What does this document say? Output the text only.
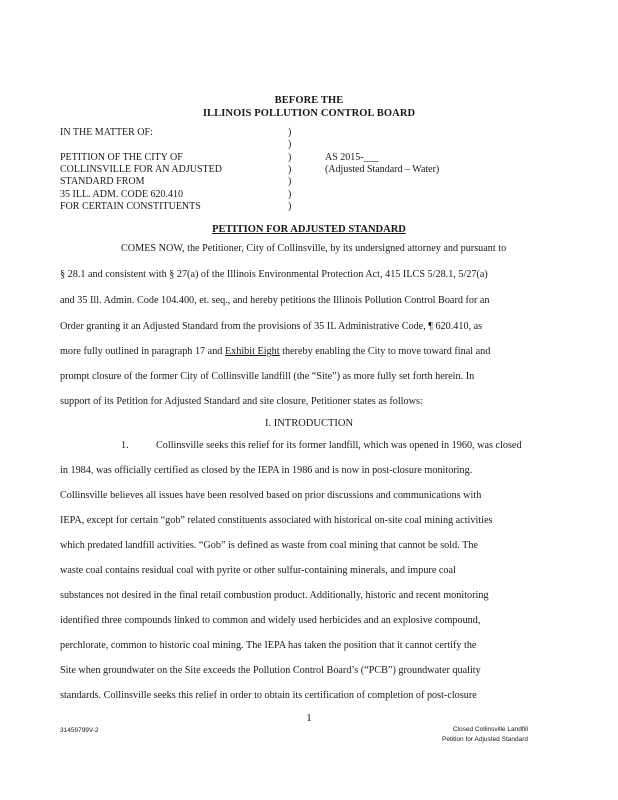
BEFORE THE
ILLINOIS POLLUTION CONTROL BOARD
IN THE MATTER OF:
PETITION OF THE CITY OF
COLLINSVILLE FOR AN ADJUSTED
STANDARD FROM
35 ILL. ADM. CODE 620.410
FOR CERTAIN CONSTITUENTS
)
)
)
)
)
)
)
AS 2015-___
(Adjusted Standard – Water)
PETITION FOR ADJUSTED STANDARD
COMES NOW, the Petitioner, City of Collinsville, by its undersigned attorney and pursuant to
§ 28.1 and consistent with § 27(a) of the Illinois Environmental Protection Act, 415 ILCS 5/28.1, 5/27(a)
and 35 Ill. Admin. Code 104.400, et. seq., and hereby petitions the Illinois Pollution Control Board for an
Order granting it an Adjusted Standard from the provisions of 35 IL Administrative Code, ¶ 620.410, as
more fully outlined in paragraph 17 and Exhibit Eight thereby enabling the City to move toward final and
prompt closure of the former City of Collinsville landfill (the “Site”) as more fully set forth herein. In
support of its Petition for Adjusted Standard and site closure, Petitioner states as follows:
I. INTRODUCTION
1.	Collinsville seeks this relief for its former landfill, which was opened in 1960, was closed
in 1984, was officially certified as closed by the IEPA in 1986 and is now in post-closure monitoring.
Collinsville believes all issues have been resolved based on prior discussions and communications with
IEPA, except for certain “gob” related constituents associated with historical on-site coal mining activities
which predated landfill activities. “Gob” is defined as waste from coal mining that cannot be sold. The
waste coal contains residual coal with pyrite or other sulfur-containing minerals, and impure coal
substances not desired in the final retail combustion product. Additionally, historic and recent monitoring
identified three compounds linked to common and widely used herbicides and an explosive compound,
perchlorate, common to historic coal mining. The IEPA has taken the position that it cannot certify the
Site when groundwater on the Site exceeds the Pollution Control Board’s (“PCB”) groundwater quality
standards. Collinsville seeks this relief in order to obtain its certification of completion of post-closure
1
31459799V-2	Closed Collinsville Landfill
Petition for Adjusted Standard
